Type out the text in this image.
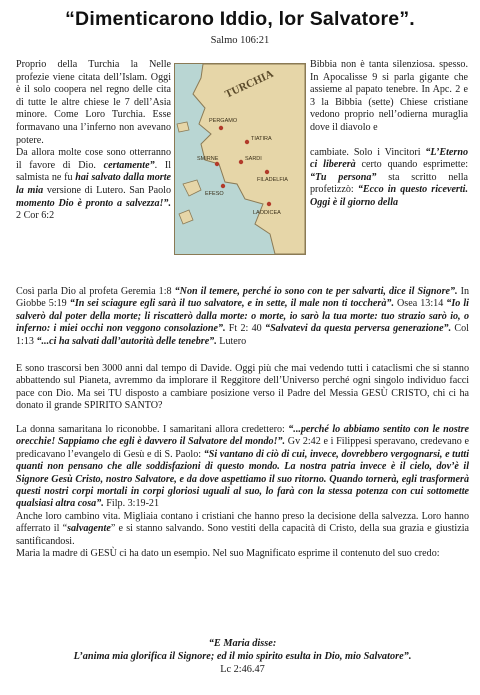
“Dimenticarono Iddio, lor Salvatore”.
Salmo 106:21

Proprio della Turchia la Nelle profezie viene citata dell’Islam. Oggi è il solo coopera nel regno delle cita di tutte le altre chiese le 7 dell’Asia minore. Come Loro Turchia. Esse formavano una l’inferno non avevano potere.

Da allora molte cose sono otterranno il favore di Dio. certamente”. Il salmista ne fu hai salvato dalla morte la mia versione di Lutero. San Paolo momento Dio è pronto a salvezza!”. 2 Cor 6:2

TURCHIA
PERGAMO
TIATIRA
SARDI
FILADELFIA
SMIRNE
EFESO
LAODICEA

Bibbia non è tanta silenziosa. spesso. In Apocalisse 9 si parla gigante che assieme al papato tenebre. In Apc. 2 e 3 la Bibbia (sette) Chiese cristiane vedono proprio nell’odierna muraglia dove il diavolo e

cambiate. Solo i Vincitori “L’Eterno ci libererà certo quando esprimette: “Tu persona” sta scritto nella profetizzò: “Ecco in questo riceverti. Oggi è il giorno della

Così parla Dio al profeta Geremia 1:8 “Non il temere, perché io sono con te per salvarti, dice il Signore”. In Giobbe 5:19 “In sei sciagure egli sarà il tuo salvatore, e in sette, il male non ti toccherà”. Osea 13:14 “Io li salverò dal poter della morte; li riscatterò dalla morte: o morte, io sarò la tua morte: tuo strazio sarò io, o inferno: i miei occhi non veggono consolazione”. Ft 2: 40 “Salvatevi da questa perversa generazione”. Col 1:13 “...ci ha salvati dall’autorità delle tenebre”. Lutero

E sono trascorsi ben 3000 anni dal tempo di Davide. Oggi più che mai vedendo tutti i cataclismi che si stanno abbattendo sul Pianeta, avremmo da implorare il Reggitore dell’Universo perché ogni singolo individuo facci pace con Dio. Ma sei TU disposto a cambiare posizione verso il Padre del Messia GESÙ CRISTO, chi ci ha donato il grande SPIRITO SANTO?

La donna samaritana lo riconobbe. I samaritani allora credettero: “...perché lo abbiamo sentito con le nostre orecchie! Sappiamo che egli è davvero il Salvatore del mondo!”. Gv 2:42 e i Filippesi speravano, credevano e predicavano l’evangelo di Gesù e di S. Paolo: “Si vantano di ciò di cui, invece, dovrebbero vergognarsi, e tutti quanti non pensano che alle soddisfazioni di questo mondo. La nostra patria invece è il cielo, dov’è il Signore Gesù Cristo, nostro Salvatore, e da dove aspettiamo il suo ritorno. Quando tornerà, egli trasformerà questi nostri corpi mortali in corpi gloriosi uguali al suo, lo farà con la stessa potenza con cui sottomette qualsiasi altra cosa”. Filp. 3:19-21

Anche loro cambino vita. Migliaia contano i cristiani che hanno preso la decisione della salvezza. Loro hanno afferrato il “salvagente” e si stanno salvando. Sono vestiti della capacità di Cristo, della sua grazia e giustizia santificandosi.

Maria la madre di GESÙ ci ha dato un esempio. Nel suo Magnificato esprime il contenuto del suo credo:

“E Maria disse:
L’anima mia glorifica il Signore; ed il mio spirito esulta in Dio, mio Salvatore”.
Lc 2:46.47
